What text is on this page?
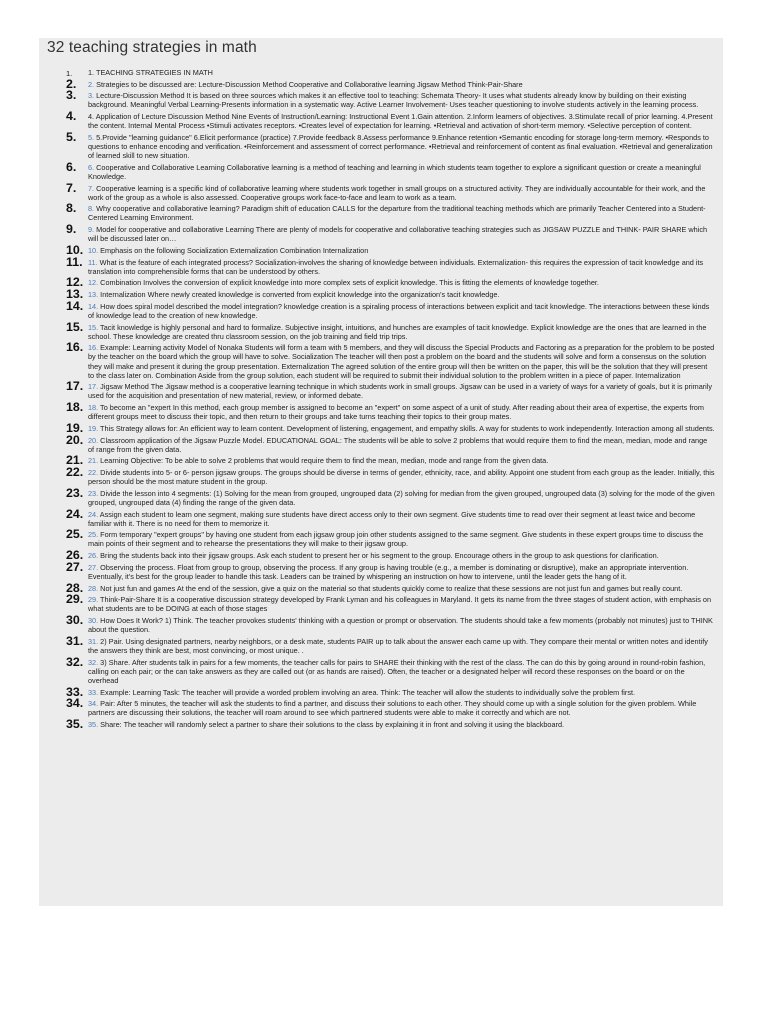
32 teaching strategies in math
1. 1. TEACHING STRATEGIES IN MATH
2. 2. Strategies to be discussed are: Lecture-Discussion Method Cooperative and Collaborative learning Jigsaw Method Think-Pair-Share
3. 3. Lecture-Discussion Method It is based on three sources which makes it an effective tool to teaching: Schemata Theory- It uses what students already know by building on their existing background. Meaningful Verbal Learning-Presents information in a systematic way. Active Learner Involvement- Uses teacher questioning to involve students actively in the learning process.
4. 4. Application of Lecture Discussion Method Nine Events of Instruction/Learning: Instructional Event 1.Gain attention. 2.Inform learners of objectives. 3.Stimulate recall of prior learning. 4.Present the content. Internal Mental Process •Stimuli activates receptors. •Creates level of expectation for learning. •Retrieval and activation of short-term memory. •Selective perception of content.
5. 5. 5.Provide "learning guidance" 6.Elicit performance (practice) 7.Provide feedback 8.Assess performance 9.Enhance retention •Semantic encoding for storage long-term memory. •Responds to questions to enhance encoding and verification. •Reinforcement and assessment of correct performance. •Retrieval and reinforcement of content as final evaluation. •Retrieval and generalization of learned skill to new situation.
6. 6. Cooperative and Collaborative Learning Collaborative learning is a method of teaching and learning in which students team together to explore a significant question or create a meaningful Knowledge.
7. 7. Cooperative learning is a specific kind of collaborative learning where students work together in small groups on a structured activity. They are individually accountable for their work, and the work of the group as a whole is also assessed. Cooperative groups work face-to-face and learn to work as a team.
8. 8. Why cooperative and collaborative learning? Paradigm shift of education CALLS for the departure from the traditional teaching methods which are primarily Teacher Centered into a Student-Centered Learning Environment.
9. 9. Model for cooperative and collaborative Learning There are plenty of models for cooperative and collaborative teaching strategies such as JIGSAW PUZZLE and THINK- PAIR SHARE which will be discussed later on…
10. 10. Emphasis on the following Socialization Externalization Combination Internalization
11. 11. What is the feature of each integrated process? Socialization-involves the sharing of knowledge between individuals. Externalization- this requires the expression of tacit knowledge and its translation into comprehensible forms that can be understood by others.
12. 12. Combination Involves the conversion of explicit knowledge into more complex sets of explicit knowledge. This is fitting the elements of knowledge together.
13. 13. Internalization Where newly created knowledge is converted from explicit knowledge into the organization's tacit knowledge.
14. 14. How does spiral model described the model integration? knowledge creation is a spiraling process of interactions between explicit and tacit knowledge. The interactions between these kinds of knowledge lead to the creation of new knowledge.
15. 15. Tacit knowledge is highly personal and hard to formalize. Subjective insight, intuitions, and hunches are examples of tacit knowledge. Explicit knowledge are the ones that are learned in the school. These knowledge are created thru classroom session, on the job training and field trip trips.
16. 16. Example: Learning activity Model of Nonaka Students will form a team with 5 members, and they will discuss the Special Products and Factoring as a preparation for the problem to be posted by the teacher on the board which the group will have to solve. Socialization The teacher will then post a problem on the board and the students will solve and form a consensus on the solution they will make and present it during the group presentation. Externalization The agreed solution of the entire group will then be written on the paper, this will be the solution that they will present to the class later on. Combination Aside from the group solution, each student will be required to submit their individual solution to the problem written in a piece of paper. Internalization
17. 17. Jigsaw Method The Jigsaw method is a cooperative learning technique in which students work in small groups. Jigsaw can be used in a variety of ways for a variety of goals, but it is primarily used for the acquisition and presentation of new material, review, or informed debate.
18. 18. To become an "expert In this method, each group member is assigned to become an "expert" on some aspect of a unit of study. After reading about their area of expertise, the experts from different groups meet to discuss their topic, and then return to their groups and take turns teaching their topics to their group mates.
19. 19. This Strategy allows for: An efficient way to learn content. Development of listening, engagement, and empathy skills. A way for students to work independently. Interaction among all students.
20. 20. Classroom application of the Jigsaw Puzzle Model. EDUCATIONAL GOAL: The students will be able to solve 2 problems that would require them to find the mean, median, mode and range of range from the given data.
21. 21. Learning Objective: To be able to solve 2 problems that would require them to find the mean, median, mode and range from the given data.
22. 22. Divide students into 5- or 6- person jigsaw groups. The groups should be diverse in terms of gender, ethnicity, race, and ability. Appoint one student from each group as the leader. Initially, this person should be the most mature student in the group.
23. 23. Divide the lesson into 4 segments: (1) Solving for the mean from grouped, ungrouped data (2) solving for median from the given grouped, ungrouped data (3) solving for the mode of the given grouped, ungrouped data (4) finding the range of the given data.
24. 24. Assign each student to learn one segment, making sure students have direct access only to their own segment. Give students time to read over their segment at least twice and become familiar with it. There is no need for them to memorize it.
25. 25. Form temporary "expert groups" by having one student from each jigsaw group join other students assigned to the same segment. Give students in these expert groups time to discuss the main points of their segment and to rehearse the presentations they will make to their jigsaw group.
26. 26. Bring the students back into their jigsaw groups. Ask each student to present her or his segment to the group. Encourage others in the group to ask questions for clarification.
27. 27. Observing the process. Float from group to group, observing the process. If any group is having trouble (e.g., a member is dominating or disruptive), make an appropriate intervention. Eventually, it's best for the group leader to handle this task. Leaders can be trained by whispering an instruction on how to intervene, until the leader gets the hang of it.
28. 28. Not just fun and games At the end of the session, give a quiz on the material so that students quickly come to realize that these sessions are not just fun and games but really count.
29. 29. Think-Pair-Share It is a cooperative discussion strategy developed by Frank Lyman and his colleagues in Maryland. It gets its name from the three stages of student action, with emphasis on what students are to be DOING at each of those stages
30. 30. How Does It Work? 1) Think. The teacher provokes students' thinking with a question or prompt or observation. The students should take a few moments (probably not minutes) just to THINK about the question.
31. 31. 2) Pair. Using designated partners, nearby neighbors, or a desk mate, students PAIR up to talk about the answer each came up with. They compare their mental or written notes and identify the answers they think are best, most convincing, or most unique. .
32. 32. 3) Share. After students talk in pairs for a few moments, the teacher calls for pairs to SHARE their thinking with the rest of the class. The can do this by going around in round-robin fashion, calling on each pair; or the can take answers as they are called out (or as hands are raised). Often, the teacher or a designated helper will record these responses on the board or on the overhead
33. 33. Example: Learning Task: The teacher will provide a worded problem involving an area. Think: The teacher will allow the students to individually solve the problem first.
34. 34. Pair: After 5 minutes, the teacher will ask the students to find a partner, and discuss their solutions to each other. They should come up with a single solution for the given problem. While partners are discussing their solutions, the teacher will roam around to see which partnered students were able to make it correctly and which are not.
35. 35. Share: The teacher will randomly select a partner to share their solutions to the class by explaining it in front and solving it using the blackboard.
